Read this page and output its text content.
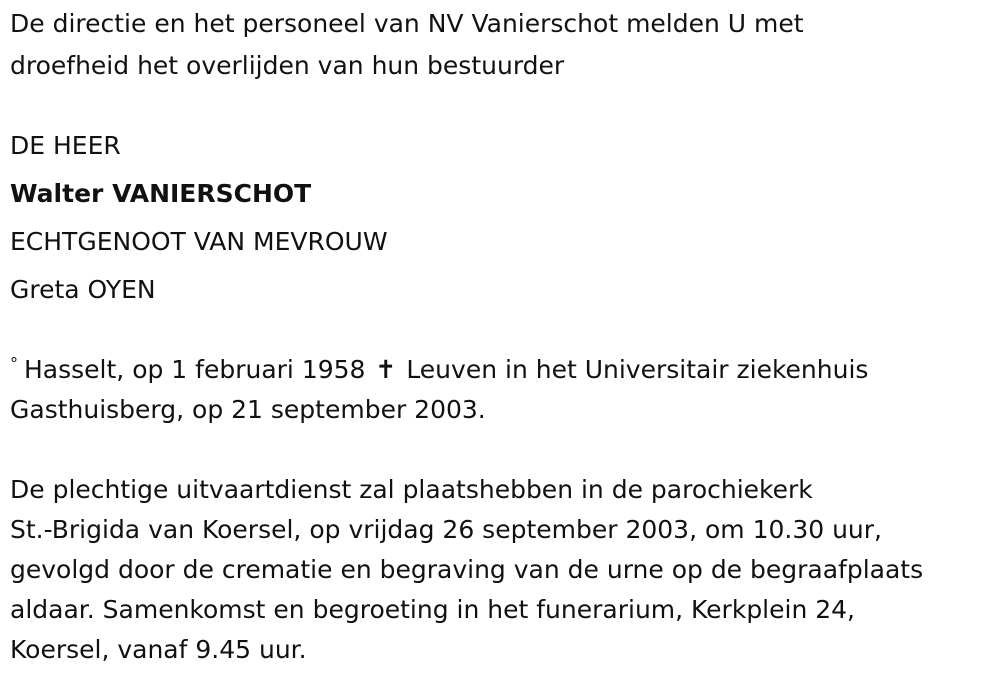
De directie en het personeel van NV Vanierschot melden U met
droefheid het overlijden van hun bestuurder
DE HEER
Walter VANIERSCHOT
ECHTGENOOT VAN MEVROUW
Greta OYEN
° Hasselt, op 1 februari 1958 ✝ Leuven in het Universitair ziekenhuis
Gasthuisberg, op 21 september 2003.
De plechtige uitvaartdienst zal plaatshebben in de parochiekerk
St.-Brigida van Koersel, op vrijdag 26 september 2003, om 10.30 uur,
gevolgd door de crematie en begraving van de urne op de begraafplaats
aldaar. Samenkomst en begroeting in het funerarium, Kerkplein 24,
Koersel, vanaf 9.45 uur.
